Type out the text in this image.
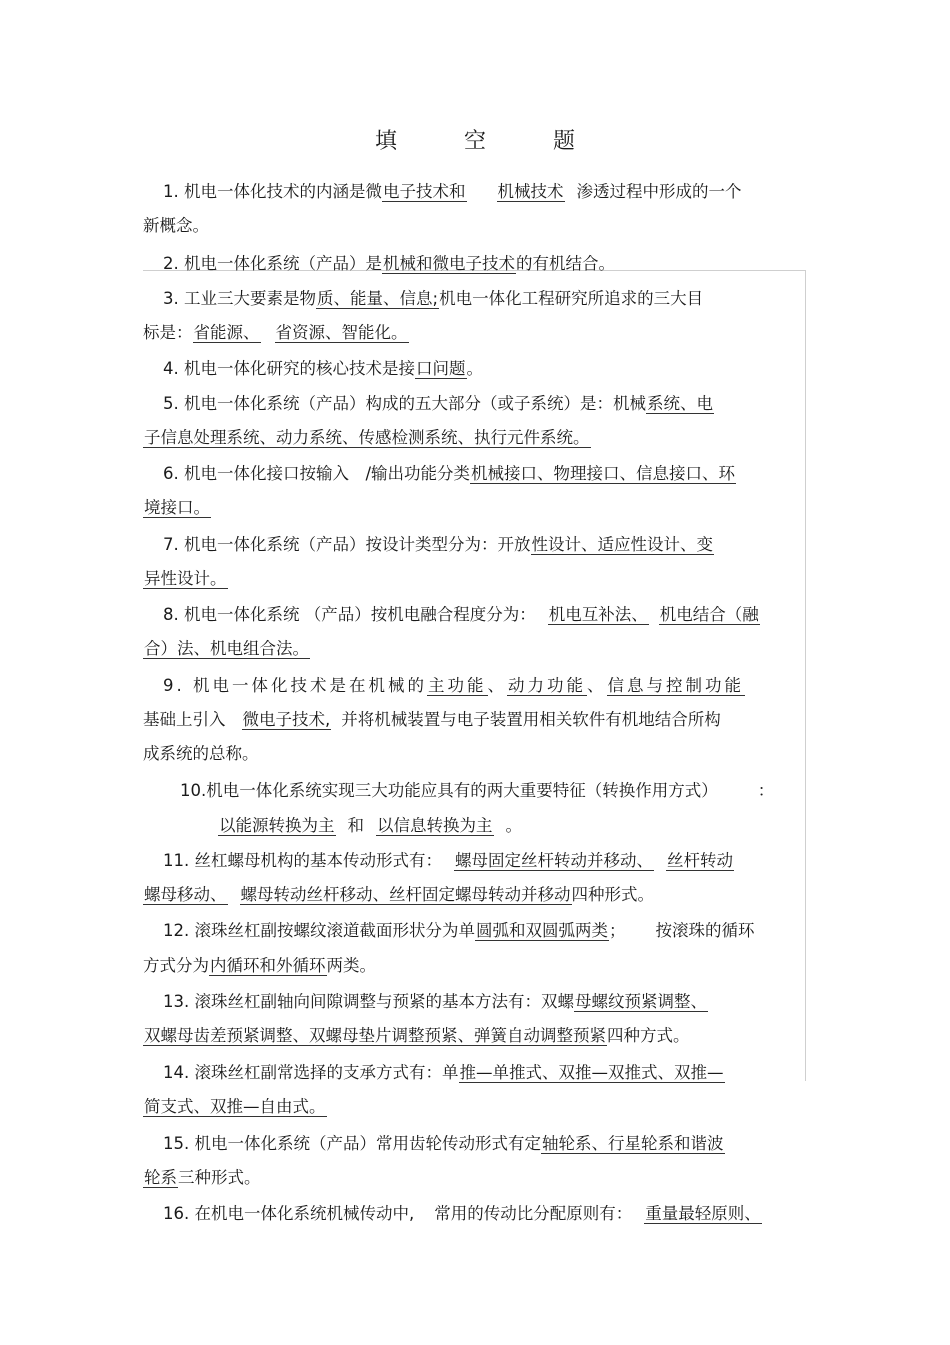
填 空 题
1. 机电一体化技术的内涵是微电子技术和 机械技术 渗透过程中形成的一个
新概念。
2. 机电一体化系统（产品）是机械和微电子技术的有机结合。
3. 工业三大要素是物质、能量、信息;机电一体化工程研究所追求的三大目
标是：省能源、 省资源、智能化。
4. 机电一体化研究的核心技术是接口问题。
5. 机电一体化系统（产品）构成的五大部分（或子系统）是：机械系统、电
子信息处理系统、动力系统、传感检测系统、执行元件系统。
6. 机电一体化接口按输入　/输出功能分类机械接口、物理接口、信息接口、环
境接口。
7. 机电一体化系统（产品）按设计类型分为：开放性设计、适应性设计、变
异性设计。
8. 机电一体化系统 （产品）按机电融合程度分为： 机电互补法、 机电结合（融
合）法、机电组合法。
9. 机电一体化技术是在机械的主功能、动力功能、信息与控制功能
基础上引入 微电子技术, 并将机械装置与电子装置用相关软件有机地结合所构
成系统的总称。
10.机电一体化系统实现三大功能应具有的两大重要特征（转换作用方式） ：
以能源转换为主 和 以信息转换为主 。
11. 丝杠螺母机构的基本传动形式有： 螺母固定丝杆转动并移动、 丝杆转动
螺母移动、 螺母转动丝杆移动、丝杆固定螺母转动并移动四种形式。
12. 滚珠丝杠副按螺纹滚道截面形状分为单圆弧和双圆弧两类； 按滚珠的循环
方式分为内循环和外循环两类。
13. 滚珠丝杠副轴向间隙调整与预紧的基本方法有：双螺母螺纹预紧调整、
双螺母齿差预紧调整、双螺母垫片调整预紧、弹簧自动调整预紧四种方式。
14. 滚珠丝杠副常选择的支承方式有：单推—单推式、双推—双推式、双推—
简支式、双推—自由式。
15. 机电一体化系统（产品）常用齿轮传动形式有定轴轮系、行星轮系和谐波
轮系三种形式。
16. 在机电一体化系统机械传动中, 常用的传动比分配原则有： 重量最轻原则、
